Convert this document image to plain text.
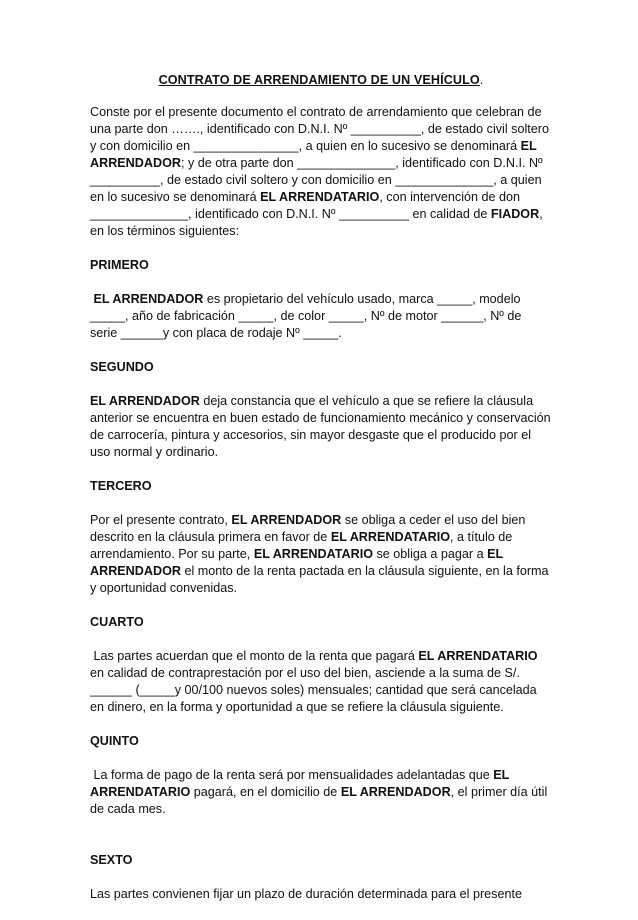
CONTRATO DE ARRENDAMIENTO DE UN VEHÍCULO.

Conste por el presente documento el contrato de arrendamiento que celebran de una parte don ……., identificado con D.N.I. Nº __________, de estado civil soltero y con domicilio en _______________, a quien en lo sucesivo se denominará EL ARRENDADOR; y de otra parte don ______________, identificado con D.N.I. Nº __________, de estado civil soltero y con domicilio en ______________, a quien en lo sucesivo se denominará EL ARRENDATARIO, con intervención de don ______________, identificado con D.N.I. Nº __________ en calidad de FIADOR, en los términos siguientes:

PRIMERO

EL ARRENDADOR es propietario del vehículo usado, marca _____, modelo _____, año de fabricación _____, de color _____, Nº de motor ______, Nº de serie ______y con placa de rodaje Nº _____.

SEGUNDO

EL ARRENDADOR deja constancia que el vehículo a que se refiere la cláusula anterior se encuentra en buen estado de funcionamiento mecánico y conservación de carrocería, pintura y accesorios, sin mayor desgaste que el producido por el uso normal y ordinario.

TERCERO

Por el presente contrato, EL ARRENDADOR se obliga a ceder el uso del bien descrito en la cláusula primera en favor de EL ARRENDATARIO, a título de arrendamiento. Por su parte, EL ARRENDATARIO se obliga a pagar a EL ARRENDADOR el monto de la renta pactada en la cláusula siguiente, en la forma y oportunidad convenidas.

CUARTO

Las partes acuerdan que el monto de la renta que pagará EL ARRENDATARIO en calidad de contraprestación por el uso del bien, asciende a la suma de S/. ______ (_____y 00/100 nuevos soles) mensuales; cantidad que será cancelada en dinero, en la forma y oportunidad a que se refiere la cláusula siguiente.

QUINTO

La forma de pago de la renta será por mensualidades adelantadas que EL ARRENDATARIO pagará, en el domicilio de EL ARRENDADOR, el primer día útil de cada mes.

SEXTO

Las partes convienen fijar un plazo de duración determinada para el presente
